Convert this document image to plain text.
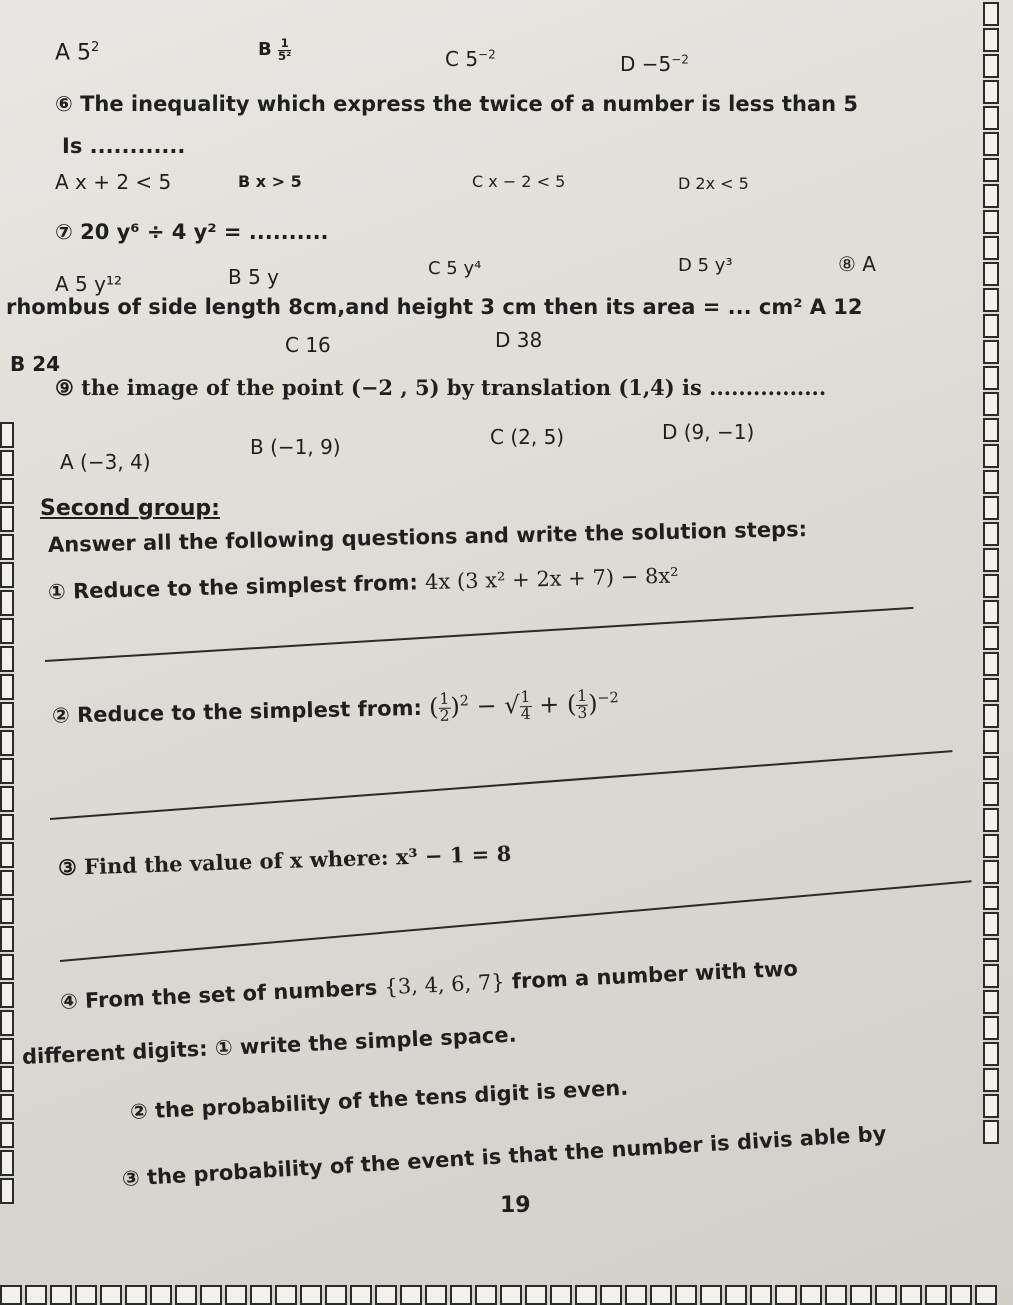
A $5^2$	B $\frac{1}{\text{5²}}$	C $5^{-2}$	$D -5^{-2}$
⑥ The inequality which express the twice of a number is less than 5
Is ............
A x + 2 < 5	B x > 5	C x − 2 < 5	D 2x < 5
⑦ 20 y⁶ ÷ 4 y² = ..........
A 5 y¹²	B 5 y	C 5 y⁴	D 5 y³	⑧ A
rhombus of side length 8cm,and height 3 cm then its area = ... cm² A 12
B 24
C 16	D 38
⑨ the image of the point (−2 , 5) by translation (1,4) is ................
A (−3, 4)
B (−1, 9)	C (2, 5)	D (9, −1)
Second group:
Answer all the following questions and write the solution steps:
① Reduce to the simplest from: 4x (3 x² + 2x + 7) − 8x²
② Reduce to the simplest from: ( $\frac{1}{2} )^2$ − √ $\frac{1}{4}$ + ( $\frac{1}{3} )^{-2}$
③ Find the value of x where: x³ − 1 = 8
④ From the set of numbers {3, 4, 6, 7} from a number with two
different digits: ① write the simple space.
② the probability of the tens digit is even.
③ the probability of the event is that the number is divis able by
19
